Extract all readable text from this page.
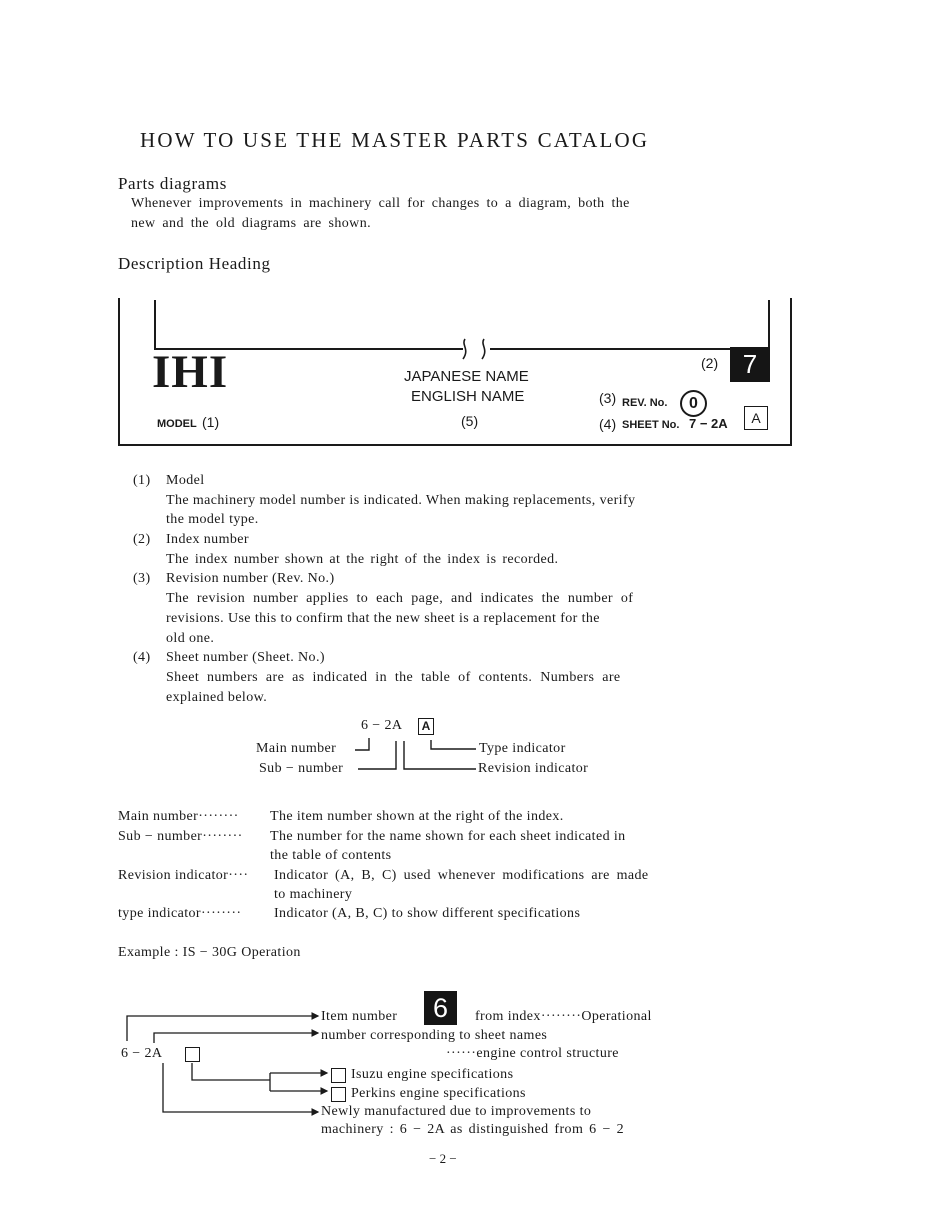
HOW TO USE THE MASTER PARTS CATALOG
Parts diagrams
Whenever improvements in machinery call for changes to a diagram, both the
new and the old diagrams are shown.
Description Heading
IHI	JAPANESE NAME
ENGLISH NAME
(5)
MODEL (1)
(2) 7
(3) REV. No.	0
(4) SHEET No. 7 − 2A	A
(1) Model
The machinery model number is indicated. When making replacements, verify
the model type.
(2) Index number
The index number shown at the right of the index is recorded.
(3) Revision number (Rev. No.)
The revision number applies to each page, and indicates the number of
revisions. Use this to confirm that the new sheet is a replacement for the
old one.
(4) Sheet number (Sheet. No.)
Sheet numbers are as indicated in the table of contents. Numbers are
explained below.
6 − 2A	A
Main number
Sub − number
Type indicator
Revision indicator
Main number········ The item number shown at the right of the index.
Sub − number········ The number for the name shown for each sheet indicated in
the table of contents
Revision indicator···· Indicator (A, B, C) used whenever modifications are made
to machinery
type indicator········ Indicator (A, B, C) to show different specifications
Example : IS − 30G Operation
Item number	6	from index········Operational
number corresponding to sheet names
······engine control structure
6 − 2A
Isuzu engine specifications
Perkins engine specifications
Newly manufactured due to improvements to
machinery : 6 − 2A as distinguished from 6 − 2
− 2 −
